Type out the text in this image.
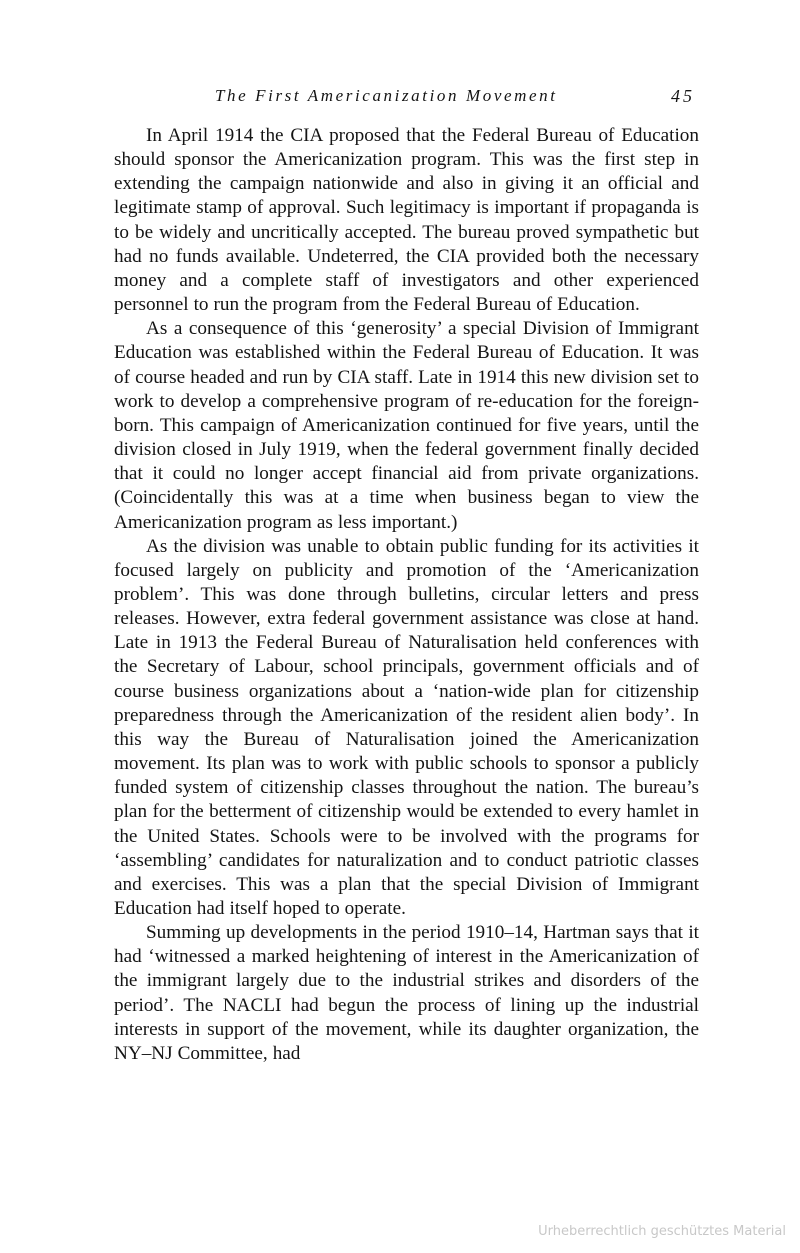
The First Americanization Movement	45

In April 1914 the CIA proposed that the Federal Bureau of Education should sponsor the Americanization program. This was the first step in extending the campaign nationwide and also in giving it an official and legitimate stamp of approval. Such legitimacy is important if propaganda is to be widely and uncritically accepted. The bureau proved sympathetic but had no funds available. Undeterred, the CIA provided both the necessary money and a complete staff of investigators and other experienced personnel to run the program from the Federal Bureau of Education.

As a consequence of this ‘generosity’ a special Division of Immigrant Education was established within the Federal Bureau of Education. It was of course headed and run by CIA staff. Late in 1914 this new division set to work to develop a comprehensive program of re-education for the foreign-born. This campaign of Americanization continued for five years, until the division closed in July 1919, when the federal government finally decided that it could no longer accept financial aid from private organizations. (Coincidentally this was at a time when business began to view the Americanization program as less important.)

As the division was unable to obtain public funding for its activities it focused largely on publicity and promotion of the ‘Americanization problem’. This was done through bulletins, circular letters and press releases. However, extra federal government assistance was close at hand. Late in 1913 the Federal Bureau of Naturalisation held conferences with the Secretary of Labour, school principals, government officials and of course business organizations about a ‘nation-wide plan for citizenship preparedness through the Americanization of the resident alien body’. In this way the Bureau of Naturalisation joined the Americanization movement. Its plan was to work with public schools to sponsor a publicly funded system of citizenship classes throughout the nation. The bureau’s plan for the betterment of citizenship would be extended to every hamlet in the United States. Schools were to be involved with the programs for ‘assembling’ candidates for naturalization and to conduct patriotic classes and exercises. This was a plan that the special Division of Immigrant Education had itself hoped to operate.

Summing up developments in the period 1910–14, Hartman says that it had ‘witnessed a marked heightening of interest in the Americanization of the immigrant largely due to the industrial strikes and disorders of the period’. The NACLI had begun the process of lining up the industrial interests in support of the movement, while its daughter organization, the NY–NJ Committee, had

Urheberrechtlich geschütztes Material
